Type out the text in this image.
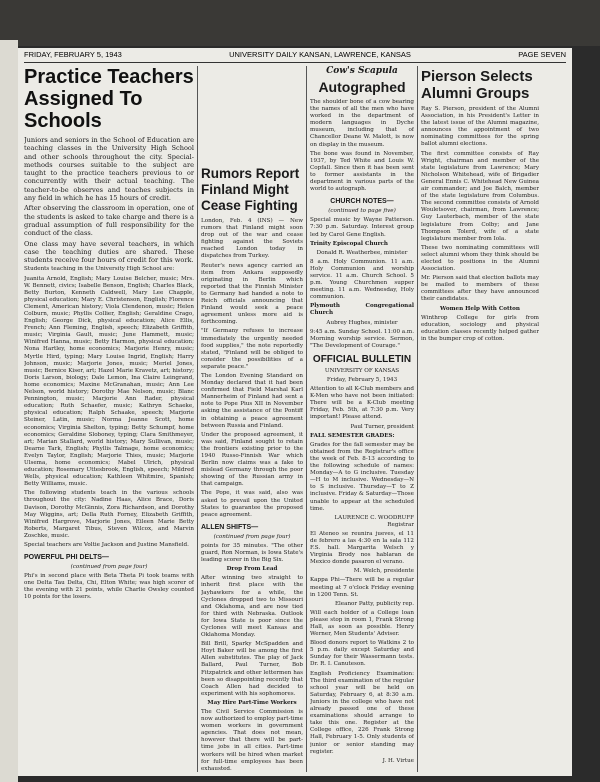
FRIDAY, FEBRUARY 5, 1943	UNIVERSITY DAILY KANSAN, LAWRENCE, KANSAS	PAGE SEVEN
Practice Teachers Assigned To Schools

Juniors and seniors in the School of Education are teaching classes in the University High School and other schools throughout the city. Special-methods courses suitable to the subject are taught to the practice teachers previous to or concurrently with their actual teaching. The teacher-to-be observes and teaches subjects in any field in which he has 15 hours of credit.

After observing the classroom in operation, one of the students is asked to take charge and there is a gradual assumption of full responsibility for the conduct of the class.

One class may have several teachers, in which case the teaching duties are shared. These students receive four hours of credit for this work.

Students teaching in the University High School are:

Juanita Arnold, English; Mary Louise Belcher, music; Mrs. W. Bennett, civics; Isabelle Benson, English; Charles Black, Betty Burton, Kenneth Caldwell, Mary Lee Chapple, physical education; Mary E. Christenson, English; Florence Clement, American history; Viola Clendenon, music; Helen Colburn, music; Phyllis Collier, English; Geraldine Crago, English; George Dick, physical education; Alice Ellis, French; Ann Fleming, English, speech; Elizabeth Griffith, music; Virginia Gault, music; June Hammett, music; Winifred Hanna, music; Betty Harmon, physical education; Nona Hartley, home economics; Marjorie Henry, music; Myrtle Hird, typing; Mary Louise Ingrid, English; Harry Johnson, music; Marjorie Jones, music; Meriel Jones, music; Bernice Kiser, art; Hazel Marie Kravetz, art; history; Doris Larson, biology; Dale Lemon, Ina Claire Leingrand, home economics; Maxine McGranahan, music; Ann Lee Nelson, world history; Dorothy Mae Nelson, music; Blanc Pennington, music; Marjorie Ann Rader, physical education; Ruth Schaefer, music; Kathryn Schaeke, physical education; Ralph Schaake, speech; Marjorie Steiner, Latin, music; Norma Jeanne Scott, home economics; Virginia Shelton, typing; Betty Schumpf, home economics; Geraldine Sloboney, typing; Clara Smithmeyer, art; Marian Stallard, world history; Mary Sullivan, music; Dearne Tark, English; Phyllis Talmage, home economics; Evelyn Taylor, English; Marjorie Thies, music; Marjorie Ulsema, home economics; Mabel Ulrich, physical education; Rosemary Uttesbrook, English, speech; Mildred Wells, physical education; Kathleen Whitmire, Spanish; Betty Williams, music.

The following students teach in the various schools throughout the city: Nadine Haas, Alice Brace, Doris Davison, Dorothy McGinnis, Zora Richardson, and Dorothy May Wiggins, art; Della Ruth Forney, Elizabeth Griffith, Winifred Hargrove, Marjorie Jones, Eileen Marie Betty Roberts, Margaret Tibus, Steven Wilcox, and Marvin Zoschke, music.

Special teachers are Voltie Jackson and Justine Mansfield.

POWERFUL PHI DELTS—

(continued from page four)

Phi's in second place with Beta Theta Pi took teams with one Delta Tau Delta, Chi, Elton White; was high scorer of the evening with 21 points, while Charlie Owsley counted 10 points for the losers.

Rumors Report Finland Might Cease Fighting

London, Feb. 4 (INS) — New rumors that Finland might soon drop out of the war and cease fighting against the Soviets reached London today in dispatches from Turkey.

Reuter's news agency carried an item from Ankara supposedly originating in Berlin which reported that the Finnish Minister to Germany had handed a note to Reich officials announcing that Finland would seek a peace agreement unless more aid is forthcoming.

"If Germany refuses to increase immediately the urgently needed food supplies," the note reportedly stated, "Finland will be obliged to consider the possibilities of a separate peace."

The London Evening Standard on Monday declared that it had been confirmed that Field Marshal Karl Mannerheim of Finland had sent a note to Pope Pius XII in November asking the assistance of the Pontiff in obtaining a peace agreement between Russia and Finland.

Under the proposed agreement, it was said, Finland sought to retain the frontiers existing prior to the 1940 Russo-Finnish War which Berlin now claims was a fake to mislead Germany through the poor showing of the Russian army in that campaign.

The Pope, it was said, also was asked to prevail upon the United States to guarantee the proposed peace agreement.

ALLEN SHIFTS—

(continued from page four)

points for 35 minutes. "The other guard, Ron Norman, is Iowa State's leading scorer in the Big Six.

Drop From Lead

After winning two straight to inherit first place with the Jayhawkers for a while, the Cyclones dropped two to Missouri and Oklahoma, and are now tied for third with Nebraska. Outlook for Iowa State is poor since the Cyclones will meet Kansas and Oklahoma Monday.

Bill Brill, Sparky McSpadden and Hoyt Baker will be among the first Allen substitutes. The play of Jack Ballard, Paul Turner, Bob Fitzpatrick and other lettermen has been so disappointing recently that Coach Allen had decided to experiment with his sophomores.

May Hire Part-Time Workers

The Civil Service Commission is now authorized to employ part-time women workers in government agencies. That does not mean, however that there will be part-time jobs in all cities. Part-time workers will be hired when market for full-time employees has been exhausted.

Cow's Scapula
Autographed

The shoulder bone of a cow bearing the names of all the men who have worked in the department of modern languages in Dyche museum, including that of Chancellor Deane W. Malott, is now on display in the museum.

The bone was found in November, 1937, by Ted White and Louis W. Copfall. Since then it has been sent to former assistants in the department in various parts of the world to autograph.

CHURCH NOTES—

(continued to page five)

Special music by Wayne Patterson. 7:30 p.m. Saturday. Interest group led by Carol Gene English.

Trinity Episcopal Church

Donald R. Weatherbee, minister

8 a.m. Holy Communion. 11 a.m. Holy Communion and worship service. 11 a.m. Church School. 5 p.m. Young Churchmen supper meeting. 11 a.m. Wednesday, Holy communion.

Plymouth Congregational Church

Aubrey Hughes, minister

9:45 a.m. Sunday School. 11:00 a.m. Morning worship service. Sermon, "The Development of Courage."

OFFICIAL BULLETIN

UNIVERSITY OF KANSAS

Friday, February 5, 1943

Attention to all K-Club members and K-Men who have not been initiated: There will be a K-Club meeting Friday, Feb. 5th, at 7:30 p.m. Very important! Please attend.

Paul Turner, president

FALL SEMESTER GRADES:

Grades for the fall semester may be obtained from the Registrar's office the week of Feb. 8-13 according to the following schedule of names: Monday—A to G inclusive. Tuesday—H to M inclusive. Wednesday—N to S inclusive. Thursday—T to Z inclusive. Friday & Saturday—Those unable to appear at the scheduled time.

LAURENCE C. WOODRUFF Registrar

El Ateneo se reunira jueves, el 11 de febrero a las 4:30 en la sala 112 F.S. hall. Margarita Welsch y Virginia Brody nos hablaran de Mexico donde pasaron el verano.

M. Welch, presidente

Kappa Phi—There will be a regular meeting at 7 o'clock Friday evening in 1200 Tenn. St.

Eleanor Patty, publicity rep.

Will each holder of a College loan please stop in room 1, Frank Strong Hall, as soon as possible. Henry Werner, Men Students' Adviser.

Blood donors report to Watkins 2 to 5 p.m. daily except Saturday and Sunday for their Wassermann tests. Dr. R. I. Canuteson.

English Proficiency Examination: The third examination of the regular school year will be held on Saturday, February 6, at 8:30 a.m. Juniors in the college who have not already passed one of these examinations should arrange to take this one. Register at the College office, 226 Frank Strong Hall, February 1-5. Only students of junior or senior standing may register.

J. H. Virtue

Pierson Selects Alumni Groups

Ray S. Pierson, president of the Alumni Association, in his President's Letter in the latest issue of the Alumni magazine, announces the appointment of two nominating committees for the spring ballot alumni elections.

The first committee consists of Ray Wright, chairman and member of the state legislature from Lawrence; Mary Nicholson Whitehead, wife of Brigadier General Ennis C. Whitehead New Guinea air commander; and Joe Balch, member of the state legislature from Columbus. The second committee consists of Arnold Wouletsover, chairman, from Lawrence; Guy Lauterbach, member of the state legislature from Colby; and Jane Thompson Tolerd, wife of a state legislature member from Iola.

These two nominating committees will select alumni whom they think should be elected to positions in the Alumni Association.

Mr. Pierson said that election ballots may be mailed to members of these committees after they have announced their candidates.

Women Help With Cotton

Winthrop College for girls from education, sociology and physical education classes recently helped gather in the bumper crop of cotton.
